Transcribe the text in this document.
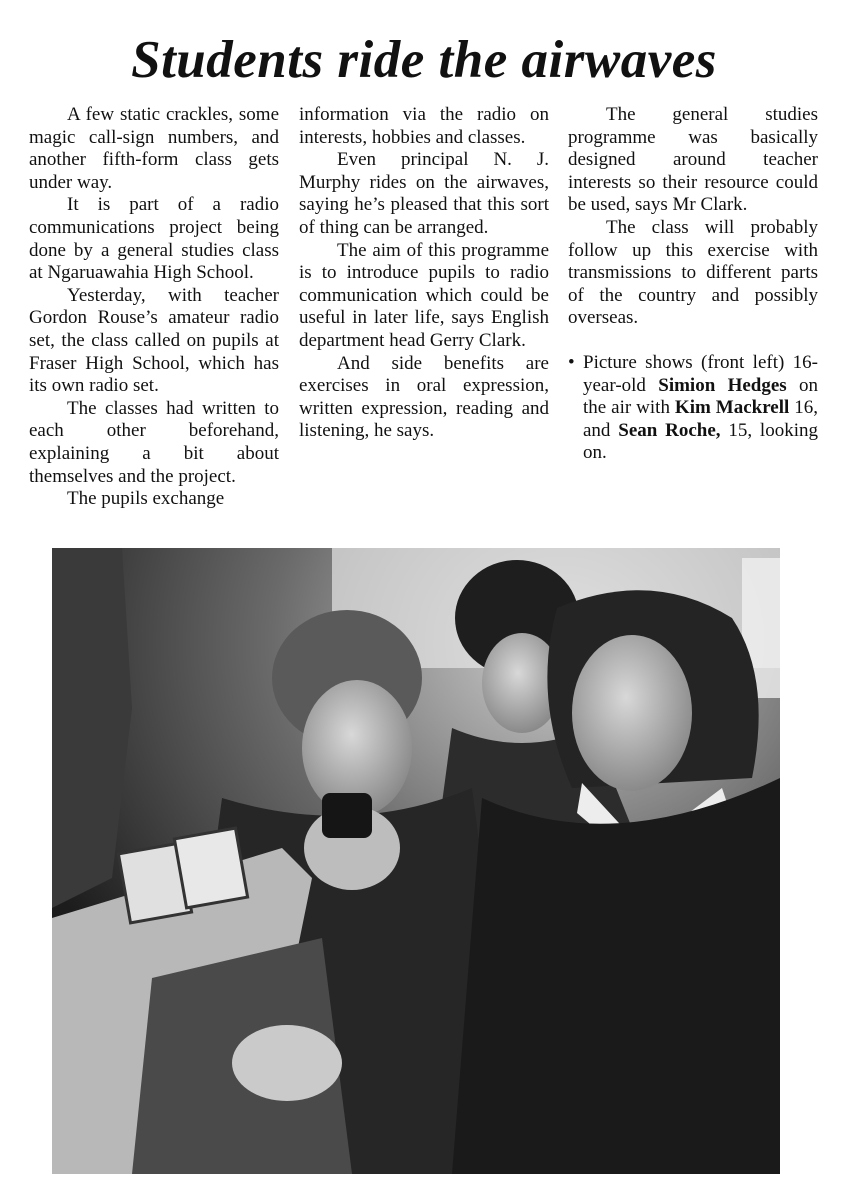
Students ride the airwaves

A few static crackles, some magic call-sign numbers, and another fifth-form class gets under way.

It is part of a radio communications project being done by a general studies class at Ngaruawahia High School.

Yesterday, with teacher Gordon Rouse’s amateur radio set, the class called on pupils at Fraser High School, which has its own radio set.

The classes had written to each other beforehand, explaining a bit about themselves and the project.

The pupils exchange

information via the radio on interests, hobbies and classes.

Even principal N. J. Murphy rides on the airwaves, saying he’s pleased that this sort of thing can be arranged.

The aim of this programme is to introduce pupils to radio communication which could be useful in later life, says English department head Gerry Clark.

And side benefits are exercises in oral expression, written expression, reading and listening, he says.

The general studies programme was basically designed around teacher interests so their resource could be used, says Mr Clark.

The class will probably follow up this exercise with transmissions to different parts of the country and possibly overseas.

• Picture shows (front left) 16-year-old Simion Hedges on the air with Kim Mackrell 16, and Sean Roche, 15, looking on.
